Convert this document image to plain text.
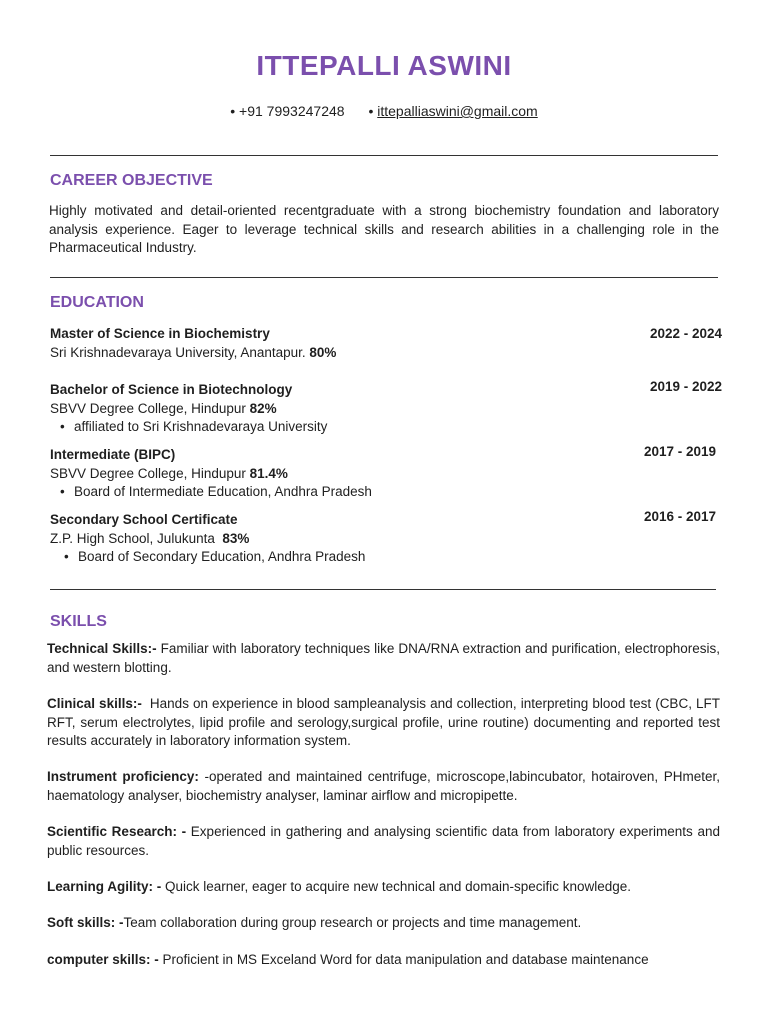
ITTEPALLI ASWINI
• +91 7993247248 • ittepalliaswini@gmail.com
CAREER OBJECTIVE
Highly motivated and detail-oriented recentgraduate with a strong biochemistry foundation and laboratory analysis experience. Eager to leverage technical skills and research abilities in a challenging role in the Pharmaceutical Industry.
EDUCATION
Master of Science in Biochemistry	2022 - 2024
Sri Krishnadevaraya University, Anantapur. 80%
Bachelor of Science in Biotechnology	2019 - 2022
SBVV Degree College, Hindupur 82%
• affiliated to Sri Krishnadevaraya University
Intermediate (BIPC)	2017 - 2019
SBVV Degree College, Hindupur 81.4%
• Board of Intermediate Education, Andhra Pradesh
Secondary School Certificate	2016 - 2017
Z.P. High School, Julukunta 83%
• Board of Secondary Education, Andhra Pradesh
SKILLS
Technical Skills:- Familiar with laboratory techniques like DNA/RNA extraction and purification, electrophoresis, and western blotting.
Clinical skills:-  Hands on experience in blood sampleanalysis and collection, interpreting blood test (CBC, LFT RFT, serum electrolytes, lipid profile and serology,surgical profile, urine routine) documenting and reported test results accurately in laboratory information system.
Instrument proficiency: -operated and maintained centrifuge, microscope,labincubator, hotairoven, PHmeter, haematology analyser, biochemistry analyser, laminar airflow and micropipette.
Scientific Research: - Experienced in gathering and analysing scientific data from laboratory experiments and public resources.
Learning Agility: - Quick learner, eager to acquire new technical and domain-specific knowledge.
Soft skills: -Team collaboration during group research or projects and time management.
computer skills: - Proficient in MS Exceland Word for data manipulation and database maintenance
